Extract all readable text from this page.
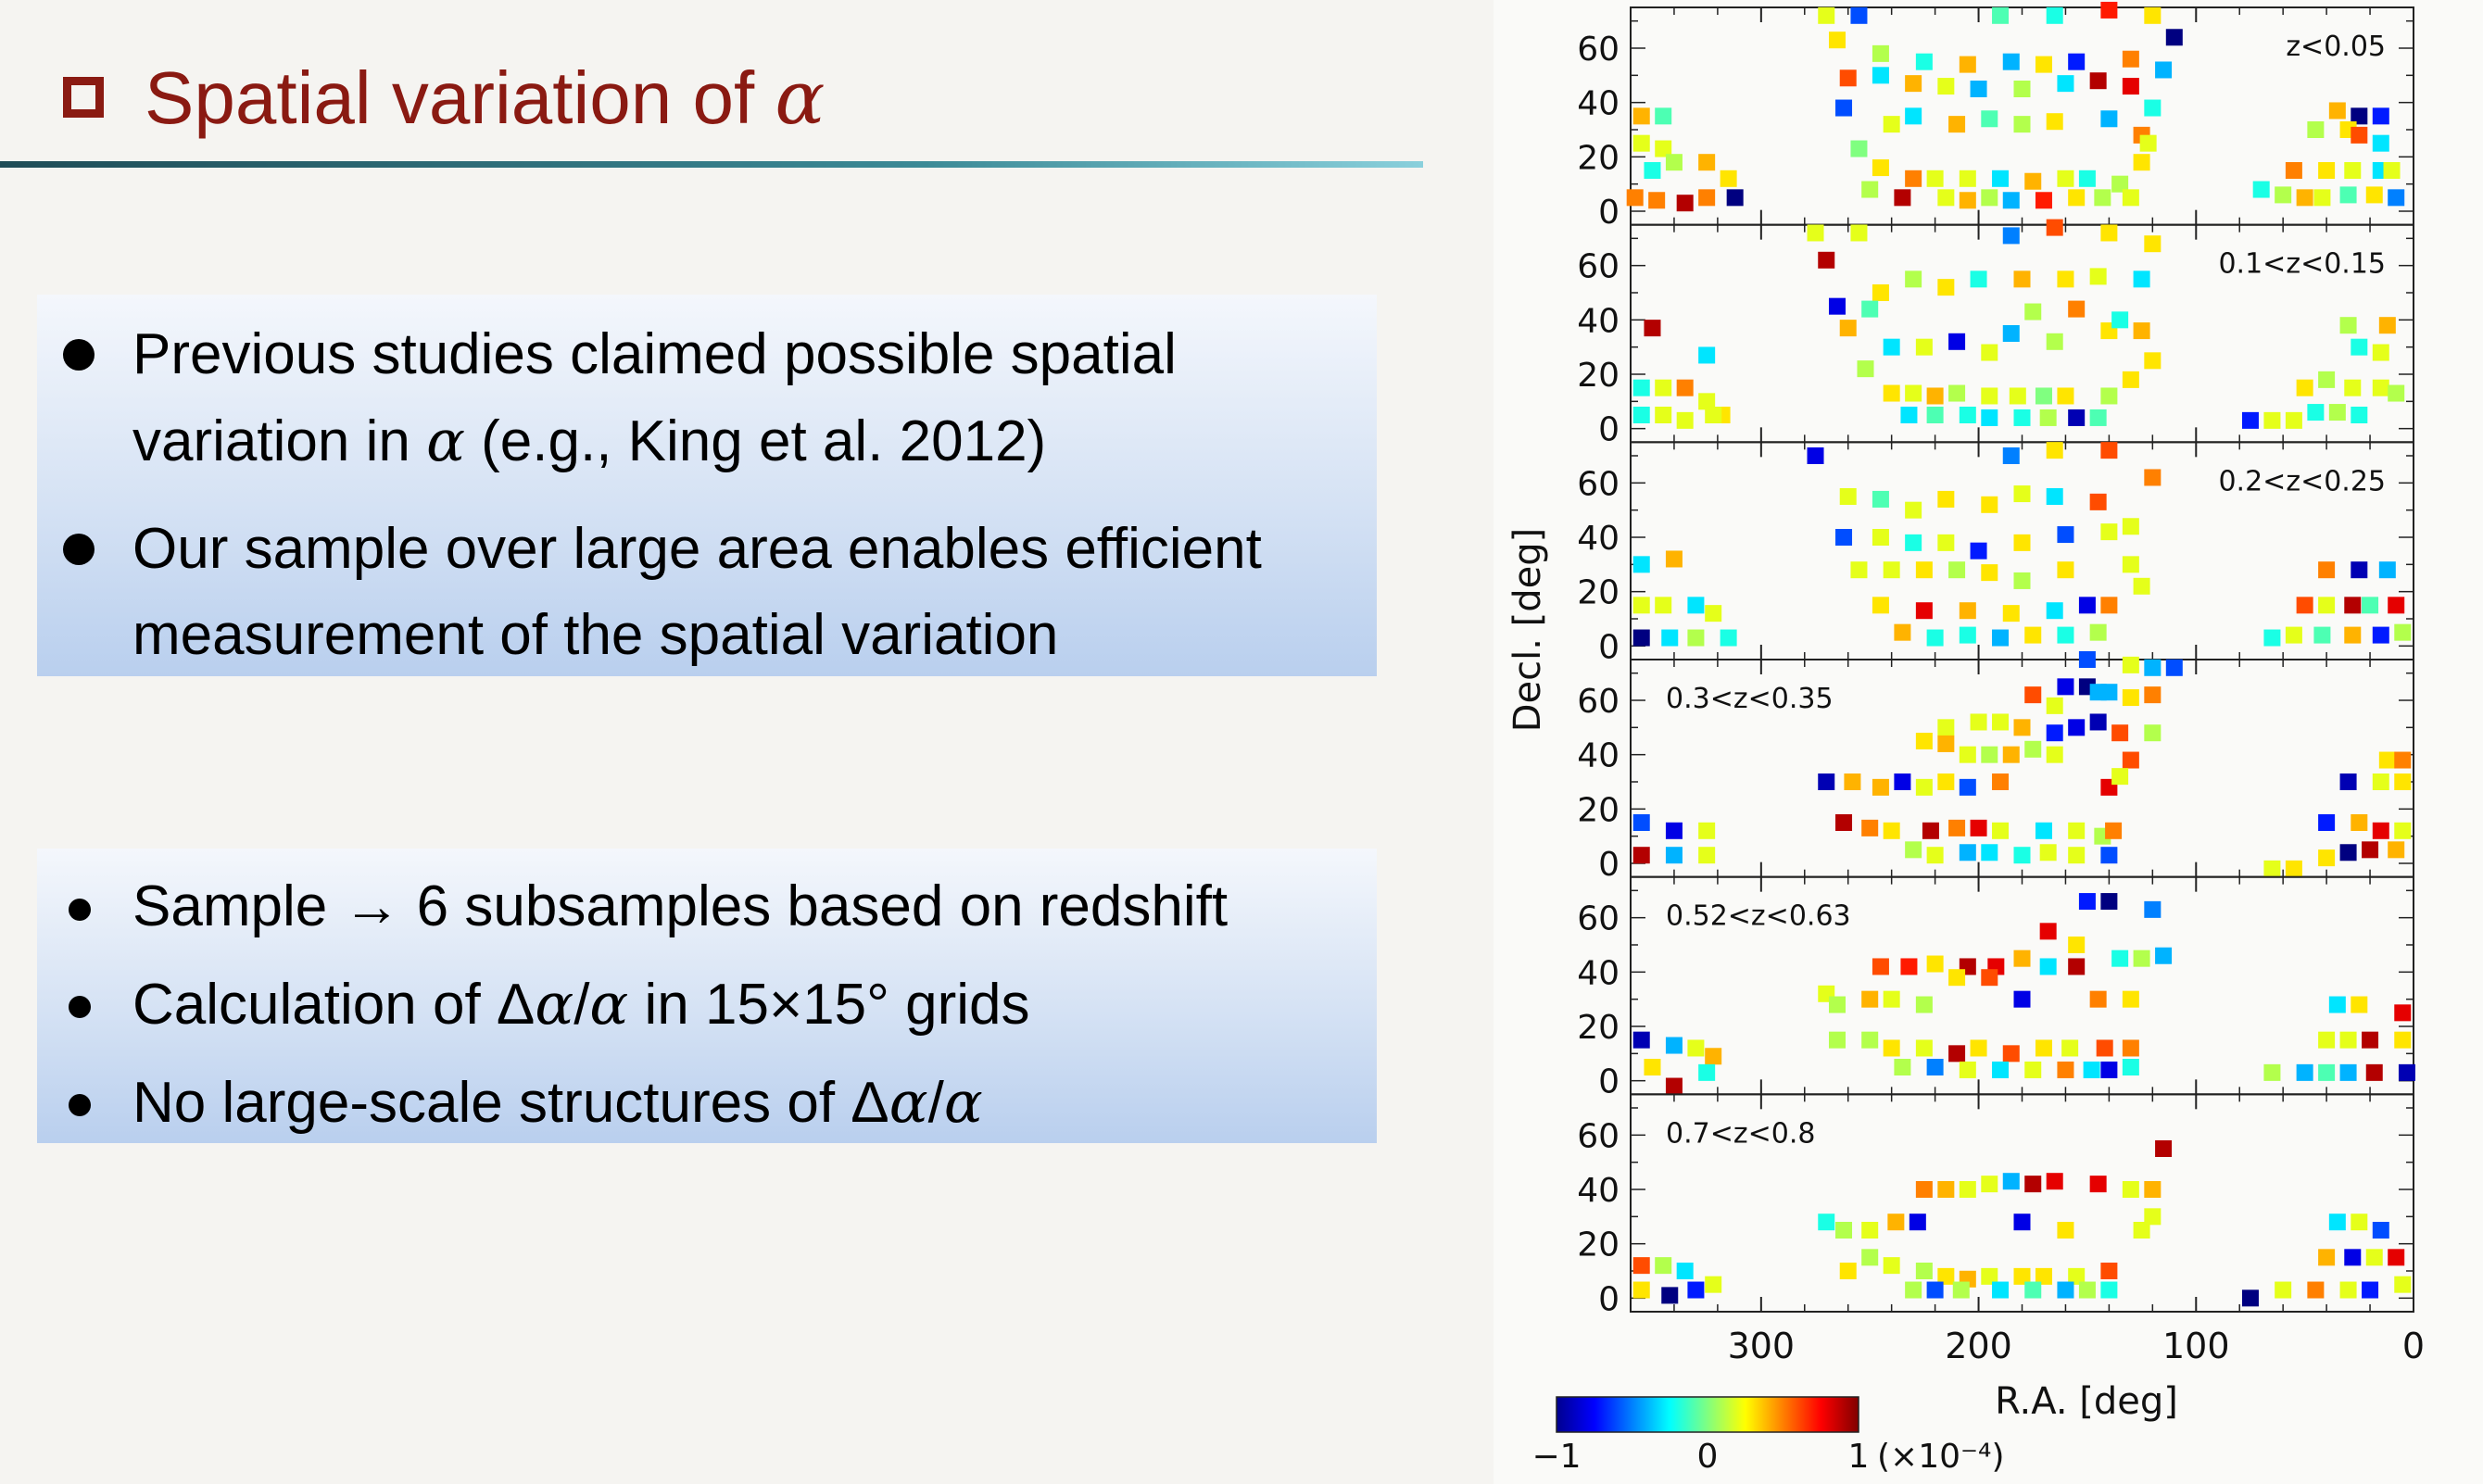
Spatial variation of α
Previous studies claimed possible spatial
variation in α (e.g., King et al. 2012)
Our sample over large area enables efficient
measurement of the spatial variation
Sample → 6 subsamples based on redshift
Calculation of Δα/α in 15×15° grids
No large-scale structures of Δα/α
0
20
40
60	z<0.05
0
20
40
60	0.1<z<0.15
0
20
40
60	0.2<z<0.25
0
20
40
60 0.3<z<0.35
0
20
40
60 0.52<z<0.63
0
20
40
60 0.7<z<0.8
300	200	100	0
R.A. [deg]
Decl. [deg]
−1	0	1 (×10⁻⁴)
